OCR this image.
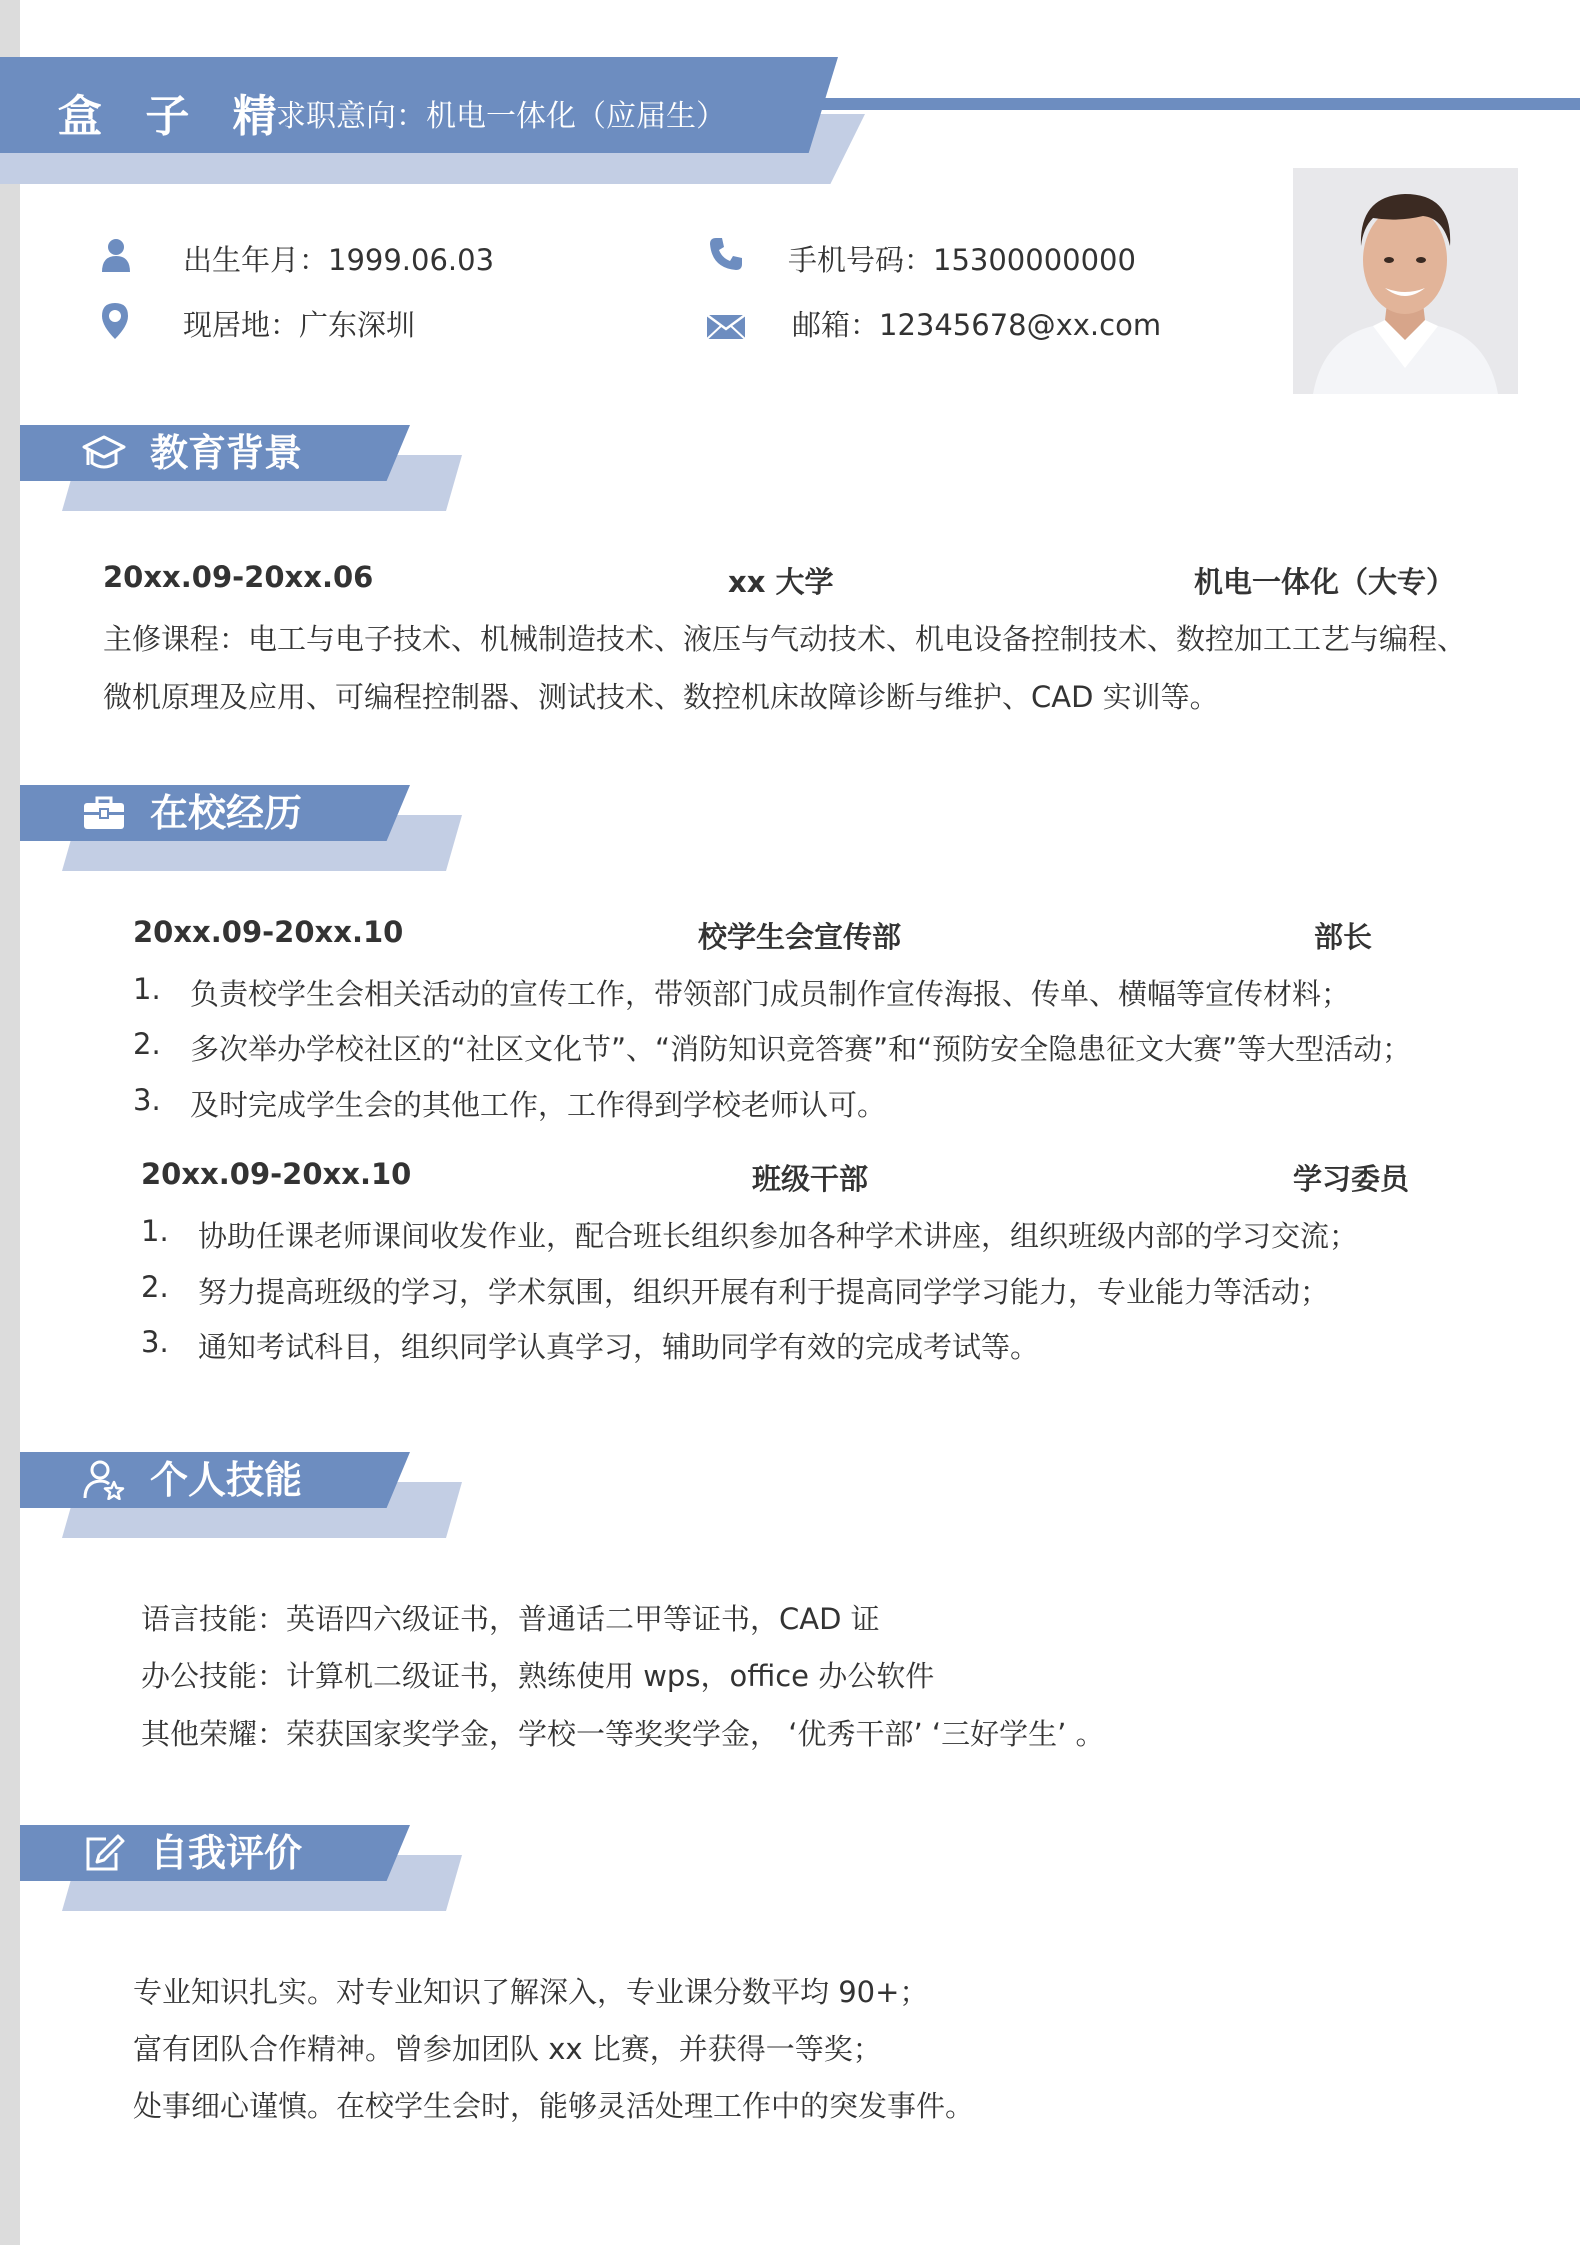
盒 子 精
求职意向：机电一体化（应届生）
出生年月：1999.06.03	手机号码：15300000000
现居地：广东深圳	邮箱：12345678@xx.com
教育背景
20xx.09-20xx.06	xx 大学	机电一体化（大专）
主修课程：电工与电子技术、机械制造技术、液压与气动技术、机电设备控制技术、数控加工工艺与编程、
微机原理及应用、可编程控制器、测试技术、数控机床故障诊断与维护、CAD 实训等。
在校经历
20xx.09-20xx.10	校学生会宣传部	部长
1. 负责校学生会相关活动的宣传工作，带领部门成员制作宣传海报、传单、横幅等宣传材料；
2. 多次举办学校社区的“社区文化节”、“消防知识竞答赛”和“预防安全隐患征文大赛”等大型活动；
3. 及时完成学生会的其他工作，工作得到学校老师认可。
20xx.09-20xx.10	班级干部	学习委员
1. 协助任课老师课间收发作业，配合班长组织参加各种学术讲座，组织班级内部的学习交流；
2. 努力提高班级的学习，学术氛围，组织开展有利于提高同学学习能力，专业能力等活动；
3. 通知考试科目，组织同学认真学习，辅助同学有效的完成考试等。
个人技能
语言技能：英语四六级证书，普通话二甲等证书，CAD 证
办公技能：计算机二级证书，熟练使用 wps，office 办公软件
其他荣耀：荣获国家奖学金，学校一等奖奖学金， ‘优秀干部’ ‘三好学生’ 。
自我评价
专业知识扎实。对专业知识了解深入，专业课分数平均 90+；
富有团队合作精神。曾参加团队 xx 比赛，并获得一等奖；
处事细心谨慎。在校学生会时，能够灵活处理工作中的突发事件。
